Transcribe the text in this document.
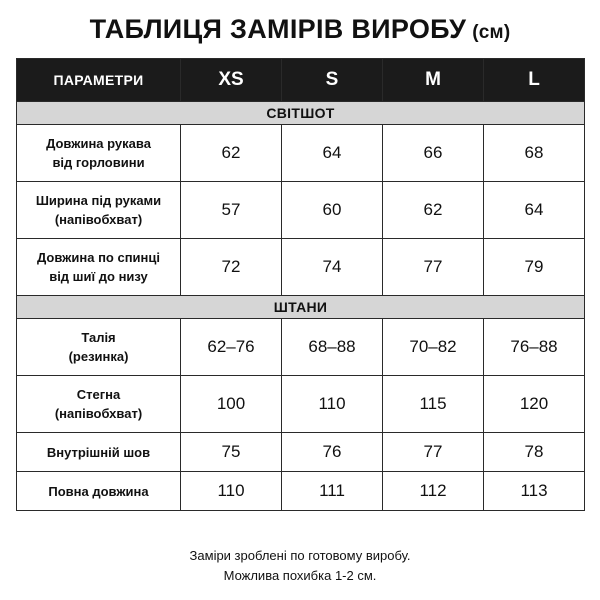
ТАБЛИЦЯ ЗАМІРІВ ВИРОБУ (см)
ПАРАМЕТРИ	XS	S	M	L
СВІТШОТ				

Довжина рукава
від горловини	62	64	66	68

Ширина під руками
(напівобхват)	57	60	62	64

Довжина по спинці
від шиї до низу	72	74	77	79
ШТАНИ				

Талія
(резинка)	62–76	68–88	70–82	76–88

Стегна
(напівобхват)	100	110	115	120

Внутрішній шов	75	76	77	78

Повна довжина	110	111	112	113
Заміри зроблені по готовому виробу.
Можлива похибка 1-2 см.
